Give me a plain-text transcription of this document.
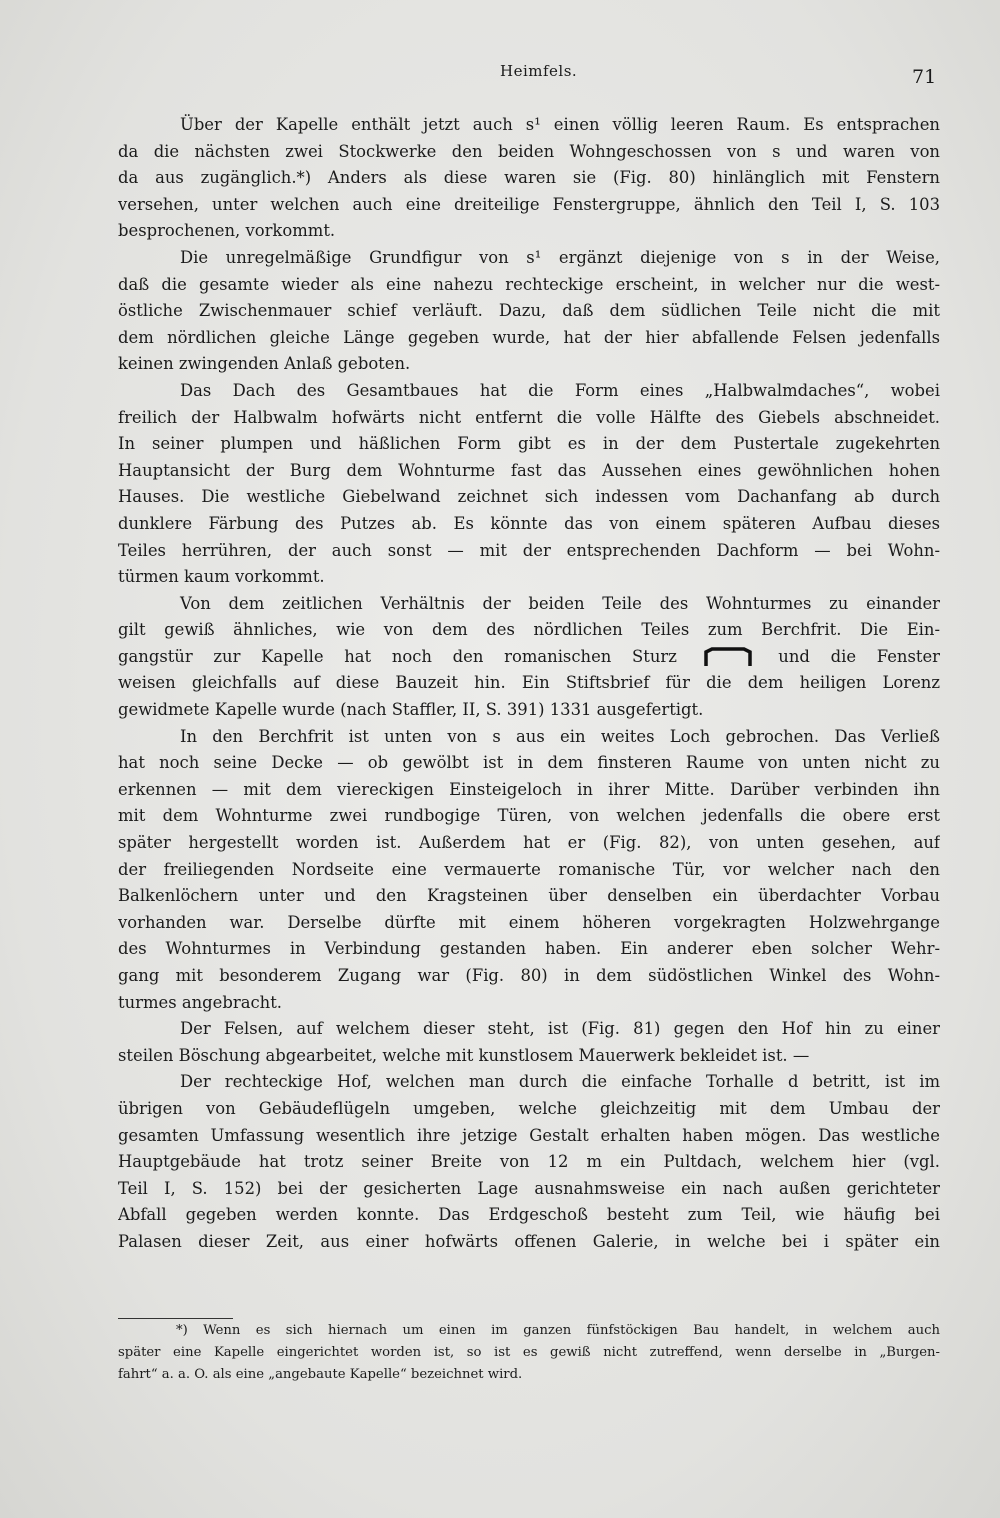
Heimfels.	71
Über der Kapelle enthält jetzt auch s¹ einen völlig leeren Raum. Es entsprachen
da die nächsten zwei Stockwerke den beiden Wohngeschossen von s und waren von
da aus zugänglich.*) Anders als diese waren sie (Fig. 80) hinlänglich mit Fenstern
versehen, unter welchen auch eine dreiteilige Fenstergruppe, ähnlich den Teil I, S. 103
besprochenen, vorkommt.
Die unregelmäßige Grundfigur von s¹ ergänzt diejenige von s in der Weise,
daß die gesamte wieder als eine nahezu rechteckige erscheint, in welcher nur die west-
östliche Zwischenmauer schief verläuft. Dazu, daß dem südlichen Teile nicht die mit
dem nördlichen gleiche Länge gegeben wurde, hat der hier abfallende Felsen jedenfalls
keinen zwingenden Anlaß geboten.
Das Dach des Gesamtbaues hat die Form eines „Halbwalmdaches“, wobei
freilich der Halbwalm hofwärts nicht entfernt die volle Hälfte des Giebels abschneidet.
In seiner plumpen und häßlichen Form gibt es in der dem Pustertale zugekehrten
Hauptansicht der Burg dem Wohnturme fast das Aussehen eines gewöhnlichen hohen
Hauses. Die westliche Giebelwand zeichnet sich indessen vom Dachanfang ab durch
dunklere Färbung des Putzes ab. Es könnte das von einem späteren Aufbau dieses
Teiles herrühren, der auch sonst — mit der entsprechenden Dachform — bei Wohn-
türmen kaum vorkommt.
Von dem zeitlichen Verhältnis der beiden Teile des Wohnturmes zu einander
gilt gewiß ähnliches, wie von dem des nördlichen Teiles zum Berchfrit. Die Ein-
gangstür zur Kapelle hat noch den romanischen Sturz	und die Fenster
weisen gleichfalls auf diese Bauzeit hin. Ein Stiftsbrief für die dem heiligen Lorenz
gewidmete Kapelle wurde (nach Staffler, II, S. 391) 1331 ausgefertigt.
In den Berchfrit ist unten von s aus ein weites Loch gebrochen. Das Verließ
hat noch seine Decke — ob gewölbt ist in dem finsteren Raume von unten nicht zu
erkennen — mit dem viereckigen Einsteigeloch in ihrer Mitte. Darüber verbinden ihn
mit dem Wohnturme zwei rundbogige Türen, von welchen jedenfalls die obere erst
später hergestellt worden ist. Außerdem hat er (Fig. 82), von unten gesehen, auf
der freiliegenden Nordseite eine vermauerte romanische Tür, vor welcher nach den
Balkenlöchern unter und den Kragsteinen über denselben ein überdachter Vorbau
vorhanden war. Derselbe dürfte mit einem höheren vorgekragten Holzwehrgange
des Wohnturmes in Verbindung gestanden haben. Ein anderer eben solcher Wehr-
gang mit besonderem Zugang war (Fig. 80) in dem südöstlichen Winkel des Wohn-
turmes angebracht.
Der Felsen, auf welchem dieser steht, ist (Fig. 81) gegen den Hof hin zu einer
steilen Böschung abgearbeitet, welche mit kunstlosem Mauerwerk bekleidet ist. —
Der rechteckige Hof, welchen man durch die einfache Torhalle d betritt, ist im
übrigen von Gebäudeflügeln umgeben, welche gleichzeitig mit dem Umbau der
gesamten Umfassung wesentlich ihre jetzige Gestalt erhalten haben mögen. Das westliche
Hauptgebäude hat trotz seiner Breite von 12 m ein Pultdach, welchem hier (vgl.
Teil I, S. 152) bei der gesicherten Lage ausnahmsweise ein nach außen gerichteter
Abfall gegeben werden konnte. Das Erdgeschoß besteht zum Teil, wie häufig bei
Palasen dieser Zeit, aus einer hofwärts offenen Galerie, in welche bei i später ein
*) Wenn es sich hiernach um einen im ganzen fünfstöckigen Bau handelt, in welchem auch
später eine Kapelle eingerichtet worden ist, so ist es gewiß nicht zutreffend, wenn derselbe in „Burgen-
fahrt“ a. a. O. als eine „angebaute Kapelle“ bezeichnet wird.
